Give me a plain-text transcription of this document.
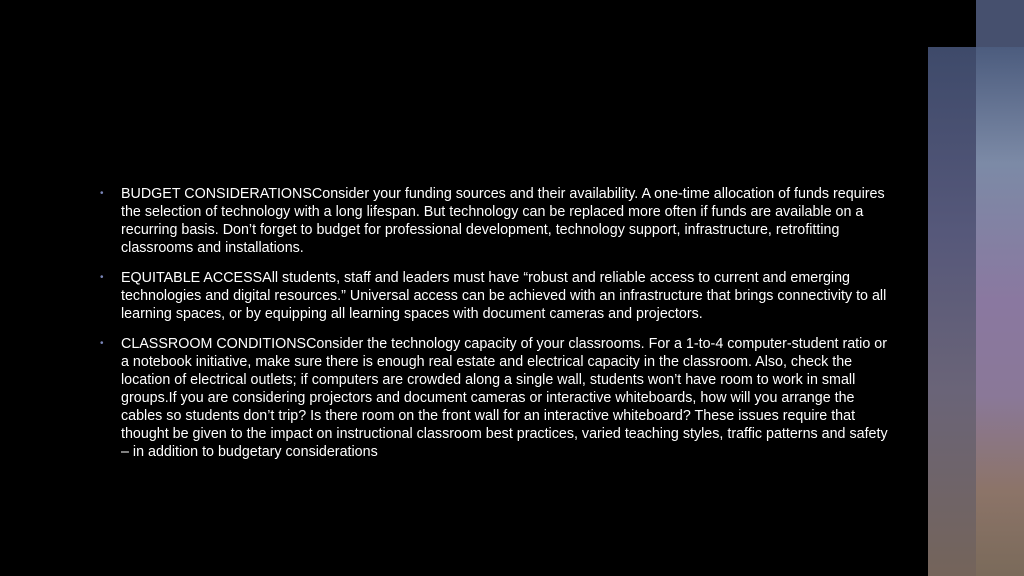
•	BUDGET CONSIDERATIONSConsider your funding sources and their availability. A one-time allocation of funds requires the selection of technology with a long lifespan. But technology can be replaced more often if funds are available on a recurring basis. Don’t forget to budget for professional development, technology support, infrastructure, retrofitting classrooms and installations.
•	EQUITABLE ACCESSAll students, staff and leaders must have “robust and reliable access to current and emerging technologies and digital resources.” Universal access can be achieved with an infrastructure that brings connectivity to all learning spaces, or by equipping all learning spaces with document cameras and projectors.
•	CLASSROOM CONDITIONSConsider the technology capacity of your classrooms. For a 1-to-4 computer-student ratio or a notebook initiative, make sure there is enough real estate and electrical capacity in the classroom. Also, check the location of electrical outlets; if computers are crowded along a single wall, students won’t have room to work in small groups.If you are considering projectors and document cameras or interactive whiteboards, how will you arrange the cables so students don’t trip? Is there room on the front wall for an interactive whiteboard? These issues require that thought be given to the impact on instructional classroom best practices, varied teaching styles, traffic patterns and safety – in addition to budgetary considerations
